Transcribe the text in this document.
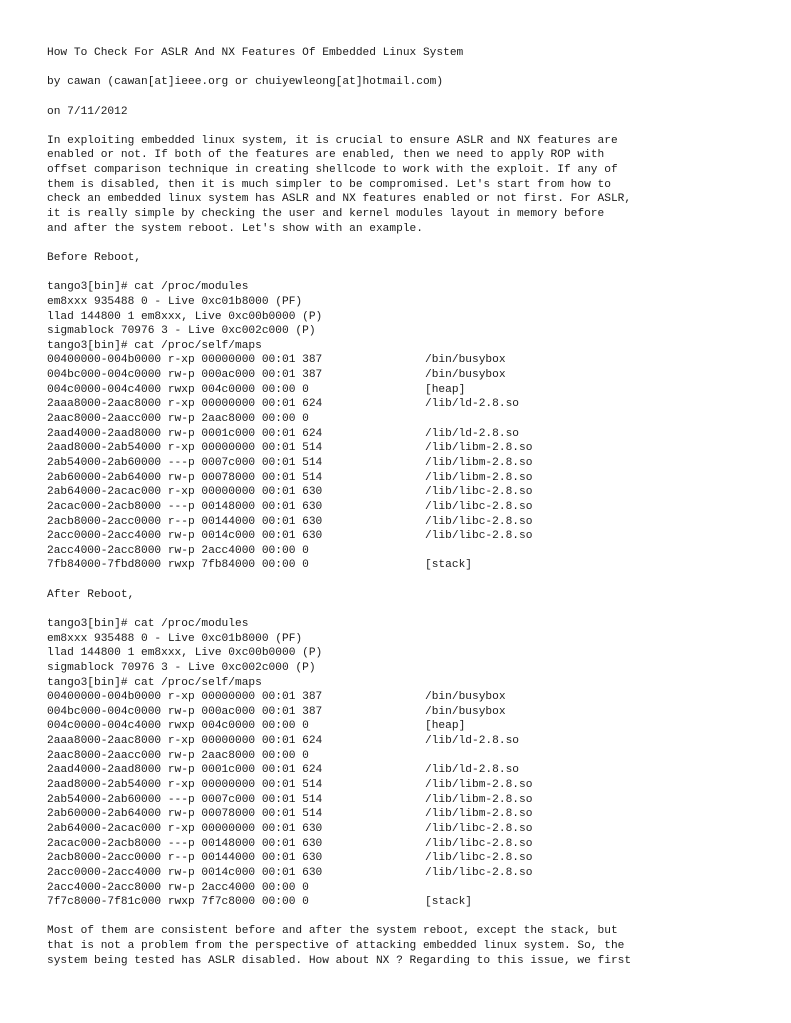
How To Check For ASLR And NX Features Of Embedded Linux System
by cawan (cawan[at]ieee.org or chuiyewleong[at]hotmail.com)
on 7/11/2012
In exploiting embedded linux system, it is crucial to ensure ASLR and NX features are
enabled or not. If both of the features are enabled, then we need to apply ROP with
offset comparison technique in creating shellcode to work with the exploit. If any of
them is disabled, then it is much simpler to be compromised. Let's start from how to
check an embedded linux system has ASLR and NX features enabled or not first. For ASLR,
it is really simple by checking the user and kernel modules layout in memory before
and after the system reboot. Let's show with an example.
Before Reboot,
tango3[bin]# cat /proc/modules
em8xxx 935488 0 - Live 0xc01b8000 (PF)
llad 144800 1 em8xxx, Live 0xc00b0000 (P)
sigmablock 70976 3 - Live 0xc002c000 (P)
tango3[bin]# cat /proc/self/maps
00400000-004b0000 r-xp 00000000 00:01 387	/bin/busybox
004bc000-004c0000 rw-p 000ac000 00:01 387	/bin/busybox
004c0000-004c4000 rwxp 004c0000 00:00 0	[heap]
2aaa8000-2aac8000 r-xp 00000000 00:01 624	/lib/ld-2.8.so
2aac8000-2aacc000 rw-p 2aac8000 00:00 0
2aad4000-2aad8000 rw-p 0001c000 00:01 624	/lib/ld-2.8.so
2aad8000-2ab54000 r-xp 00000000 00:01 514	/lib/libm-2.8.so
2ab54000-2ab60000 ---p 0007c000 00:01 514	/lib/libm-2.8.so
2ab60000-2ab64000 rw-p 00078000 00:01 514	/lib/libm-2.8.so
2ab64000-2acac000 r-xp 00000000 00:01 630	/lib/libc-2.8.so
2acac000-2acb8000 ---p 00148000 00:01 630	/lib/libc-2.8.so
2acb8000-2acc0000 r--p 00144000 00:01 630	/lib/libc-2.8.so
2acc0000-2acc4000 rw-p 0014c000 00:01 630	/lib/libc-2.8.so
2acc4000-2acc8000 rw-p 2acc4000 00:00 0
7fb84000-7fbd8000 rwxp 7fb84000 00:00 0	[stack]
After Reboot,
tango3[bin]# cat /proc/modules
em8xxx 935488 0 - Live 0xc01b8000 (PF)
llad 144800 1 em8xxx, Live 0xc00b0000 (P)
sigmablock 70976 3 - Live 0xc002c000 (P)
tango3[bin]# cat /proc/self/maps
00400000-004b0000 r-xp 00000000 00:01 387	/bin/busybox
004bc000-004c0000 rw-p 000ac000 00:01 387	/bin/busybox
004c0000-004c4000 rwxp 004c0000 00:00 0	[heap]
2aaa8000-2aac8000 r-xp 00000000 00:01 624	/lib/ld-2.8.so
2aac8000-2aacc000 rw-p 2aac8000 00:00 0
2aad4000-2aad8000 rw-p 0001c000 00:01 624	/lib/ld-2.8.so
2aad8000-2ab54000 r-xp 00000000 00:01 514	/lib/libm-2.8.so
2ab54000-2ab60000 ---p 0007c000 00:01 514	/lib/libm-2.8.so
2ab60000-2ab64000 rw-p 00078000 00:01 514	/lib/libm-2.8.so
2ab64000-2acac000 r-xp 00000000 00:01 630	/lib/libc-2.8.so
2acac000-2acb8000 ---p 00148000 00:01 630	/lib/libc-2.8.so
2acb8000-2acc0000 r--p 00144000 00:01 630	/lib/libc-2.8.so
2acc0000-2acc4000 rw-p 0014c000 00:01 630	/lib/libc-2.8.so
2acc4000-2acc8000 rw-p 2acc4000 00:00 0
7f7c8000-7f81c000 rwxp 7f7c8000 00:00 0	[stack]
Most of them are consistent before and after the system reboot, except the stack, but
that is not a problem from the perspective of attacking embedded linux system. So, the
system being tested has ASLR disabled. How about NX ? Regarding to this issue, we first
